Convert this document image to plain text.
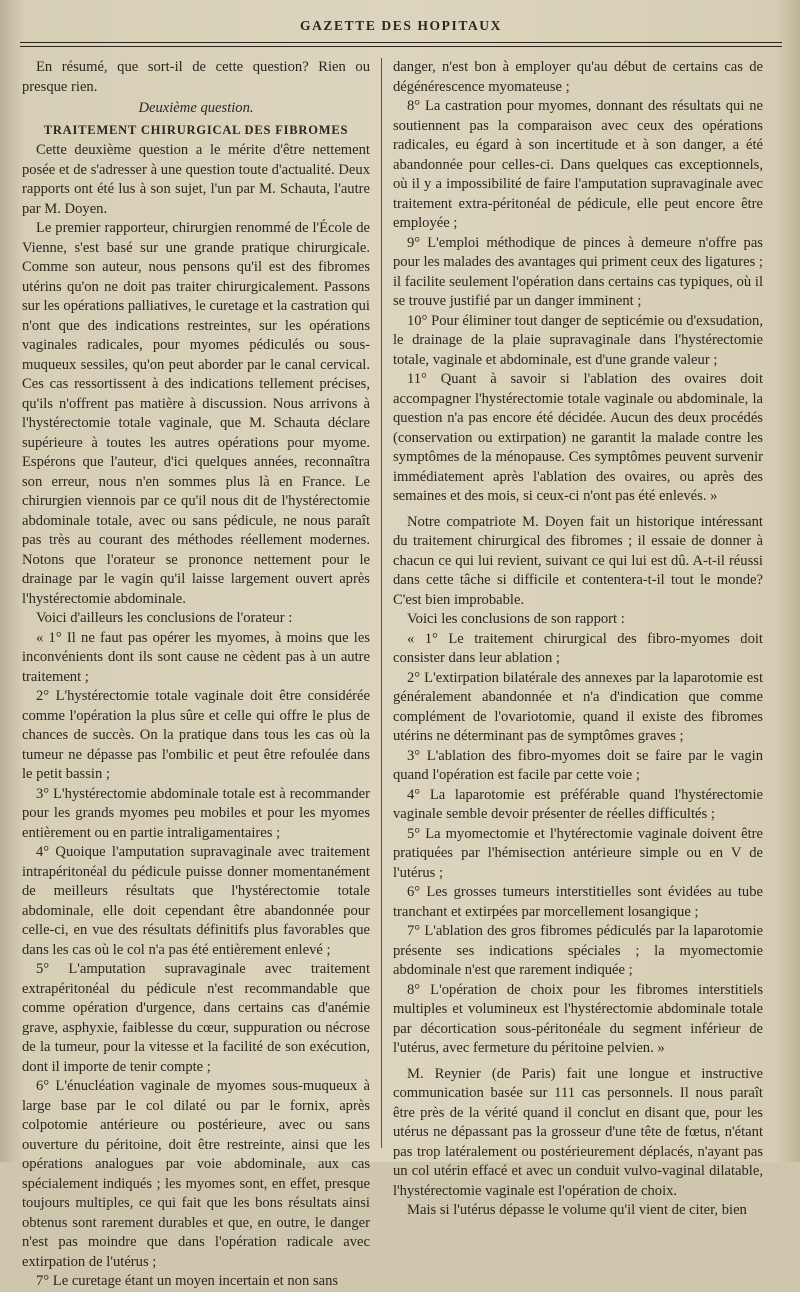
GAZETTE DES HOPITAUX

En résumé, que sort-il de cette question? Rien ou presque rien.

Deuxième question.

TRAITEMENT CHIRURGICAL DES FIBROMES

Cette deuxième question a le mérite d'être nettement posée et de s'adresser à une question toute d'actualité. Deux rapports ont été lus à son sujet, l'un par M. Schauta, l'autre par M. Doyen.

Le premier rapporteur, chirurgien renommé de l'École de Vienne, s'est basé sur une grande pratique chirurgicale. Comme son auteur, nous pensons qu'il est des fibromes utérins qu'on ne doit pas traiter chirurgicalement. Passons sur les opérations palliatives, le curetage et la castration qui n'ont que des indications restreintes, sur les opérations vaginales radicales, pour myomes pédiculés ou sous-muqueux sessiles, qu'on peut aborder par le canal cervical. Ces cas ressortissent à des indications tellement précises, qu'ils n'offrent pas matière à discussion. Nous arrivons à l'hystérectomie totale vaginale, que M. Schauta déclare supérieure à toutes les autres opérations pour myome. Espérons que l'auteur, d'ici quelques années, reconnaîtra son erreur, nous n'en sommes plus là en France. Le chirurgien viennois par ce qu'il nous dit de l'hystérectomie abdominale totale, avec ou sans pédicule, ne nous paraît pas très au courant des méthodes réellement modernes. Notons que l'orateur se prononce nettement pour le drainage par le vagin qu'il laisse largement ouvert après l'hystérectomie abdominale.

Voici d'ailleurs les conclusions de l'orateur :

« 1° Il ne faut pas opérer les myomes, à moins que les inconvénients dont ils sont cause ne cèdent pas à un autre traitement ;

2° L'hystérectomie totale vaginale doit être considérée comme l'opération la plus sûre et celle qui offre le plus de chances de succès. On la pratique dans tous les cas où la tumeur ne dépasse pas l'ombilic et peut être refoulée dans le petit bassin ;

3° L'hystérectomie abdominale totale est à recommander pour les grands myomes peu mobiles et pour les myomes entièrement ou en partie intraligamentaires ;

4° Quoique l'amputation supravaginale avec traitement intrapéritonéal du pédicule puisse donner momentanément de meilleurs résultats que l'hystérectomie totale abdominale, elle doit cependant être abandonnée pour celle-ci, en vue des résultats définitifs plus favorables que dans les cas où le col n'a pas été entièrement enlevé ;

5° L'amputation supravaginale avec traitement extrapéritonéal du pédicule n'est recommandable que comme opération d'urgence, dans certains cas d'anémie grave, asphyxie, faiblesse du cœur, suppuration ou nécrose de la tumeur, pour la vitesse et la facilité de son exécution, dont il importe de tenir compte ;

6° L'énucléation vaginale de myomes sous-muqueux à large base par le col dilaté ou par le fornix, après colpotomie antérieure ou postérieure, avec ou sans ouverture du péritoine, doit être restreinte, ainsi que les opérations analogues par voie abdominale, aux cas spécialement indiqués ; les myomes sont, en effet, presque toujours multiples, ce qui fait que les bons résultats ainsi obtenus sont rarement durables et que, en outre, le danger n'est pas moindre que dans l'opération radicale avec extirpation de l'utérus ;

7° Le curetage étant un moyen incertain et non sans

danger, n'est bon à employer qu'au début de certains cas de dégénérescence myomateuse ;

8° La castration pour myomes, donnant des résultats qui ne soutiennent pas la comparaison avec ceux des opérations radicales, eu égard à son incertitude et à son danger, a été abandonnée pour celles-ci. Dans quelques cas exceptionnels, où il y a impossibilité de faire l'amputation supravaginale avec traitement extra-péritonéal de pédicule, elle peut encore être employée ;

9° L'emploi méthodique de pinces à demeure n'offre pas pour les malades des avantages qui priment ceux des ligatures ; il facilite seulement l'opération dans certains cas typiques, où il se trouve justifié par un danger imminent ;

10° Pour éliminer tout danger de septicémie ou d'exsudation, le drainage de la plaie supravaginale dans l'hystérectomie totale, vaginale et abdominale, est d'une grande valeur ;

11° Quant à savoir si l'ablation des ovaires doit accompagner l'hystérectomie totale vaginale ou abdominale, la question n'a pas encore été décidée. Aucun des deux procédés (conservation ou extirpation) ne garantit la malade contre les symptômes de la ménopause. Ces symptômes peuvent survenir immédiatement après l'ablation des ovaires, ou après des semaines et des mois, si ceux-ci n'ont pas été enlevés. »

Notre compatriote M. Doyen fait un historique intéressant du traitement chirurgical des fibromes ; il essaie de donner à chacun ce qui lui revient, suivant ce qui lui est dû. A-t-il réussi dans cette tâche si difficile et contentera-t-il tout le monde? C'est bien improbable.

Voici les conclusions de son rapport :

« 1° Le traitement chirurgical des fibro-myomes doit consister dans leur ablation ;

2° L'extirpation bilatérale des annexes par la laparotomie est généralement abandonnée et n'a d'indication que comme complément de l'ovariotomie, quand il existe des fibromes utérins ne déterminant pas de symptômes graves ;

3° L'ablation des fibro-myomes doit se faire par le vagin quand l'opération est facile par cette voie ;

4° La laparotomie est préférable quand l'hystérectomie vaginale semble devoir présenter de réelles difficultés ;

5° La myomectomie et l'hytérectomie vaginale doivent être pratiquées par l'hémisection antérieure simple ou en V de l'utérus ;

6° Les grosses tumeurs interstitielles sont évidées au tube tranchant et extirpées par morcellement losangique ;

7° L'ablation des gros fibromes pédiculés par la laparotomie présente ses indications spéciales ; la myomectomie abdominale n'est que rarement indiquée ;

8° L'opération de choix pour les fibromes interstitiels multiples et volumineux est l'hystérectomie abdominale totale par décortication sous-péritonéale du segment inférieur de l'utérus, avec fermeture du péritoine pelvien. »

M. Reynier (de Paris) fait une longue et instructive communication basée sur 111 cas personnels. Il nous paraît être près de la vérité quand il conclut en disant que, pour les utérus ne dépassant pas la grosseur d'une tête de fœtus, n'étant pas trop latéralement ou postérieurement déplacés, n'ayant pas un col utérin effacé et avec un conduit vulvo-vaginal dilatable, l'hystérectomie vaginale est l'opération de choix.

Mais si l'utérus dépasse le volume qu'il vient de citer, bien
